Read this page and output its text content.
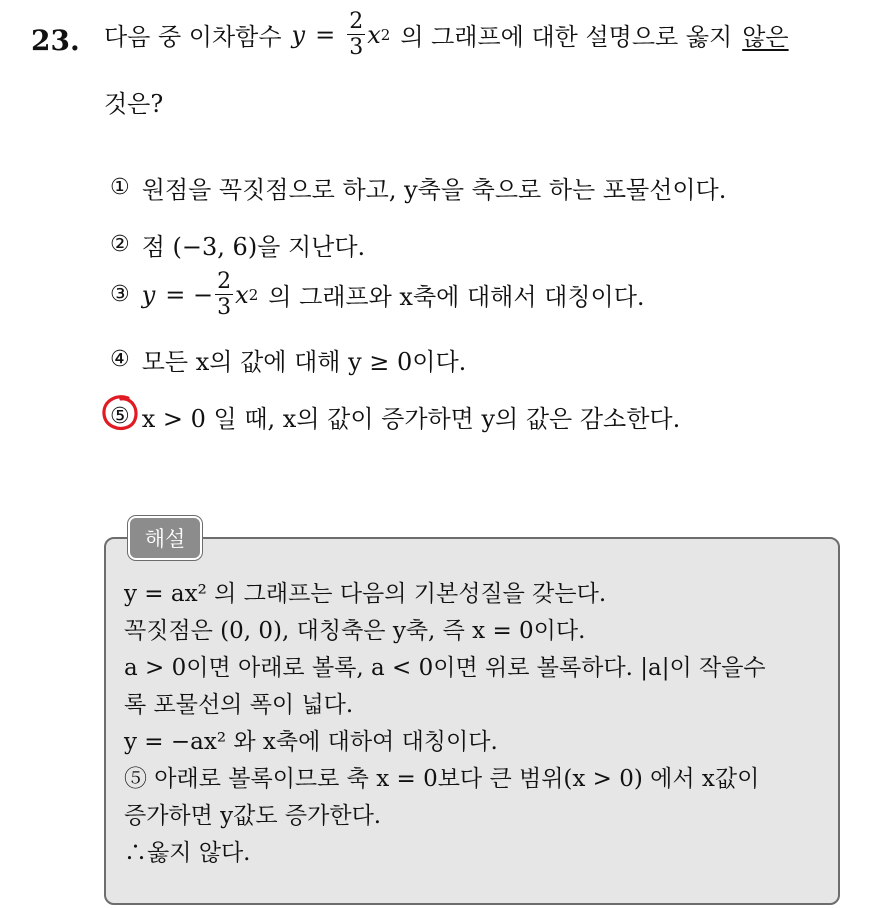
23. 다음 중 이차함수 $y = \frac{2}{3}$ x 2 의 그래프에 대한 설명으로 옳지 않은
것은?
① 원점을 꼭짓점으로 하고, y축을 축으로 하는 포물선이다.
② 점 (−3, 6)을 지난다.
③ y = − $\frac{2}{3}$ x 2 의 그래프와 x축에 대해서 대칭이다.
④ 모든 x의 값에 대해 y ≥ 0이다.
⑤ x > 0 일 때, x의 값이 증가하면 y의 값은 감소한다.
해설
y = ax² 의 그래프는 다음의 기본성질을 갖는다.
꼭짓점은 (0, 0), 대칭축은 y축, 즉 x = 0이다.
a > 0이면 아래로 볼록, a < 0이면 위로 볼록하다. |a|이 작을수
록 포물선의 폭이 넓다.
y = −ax² 와 x축에 대하여 대칭이다.
⑤ 아래로 볼록이므로 축 x = 0보다 큰 범위(x > 0) 에서 x값이
증가하면 y값도 증가한다.
∴옳지 않다.
